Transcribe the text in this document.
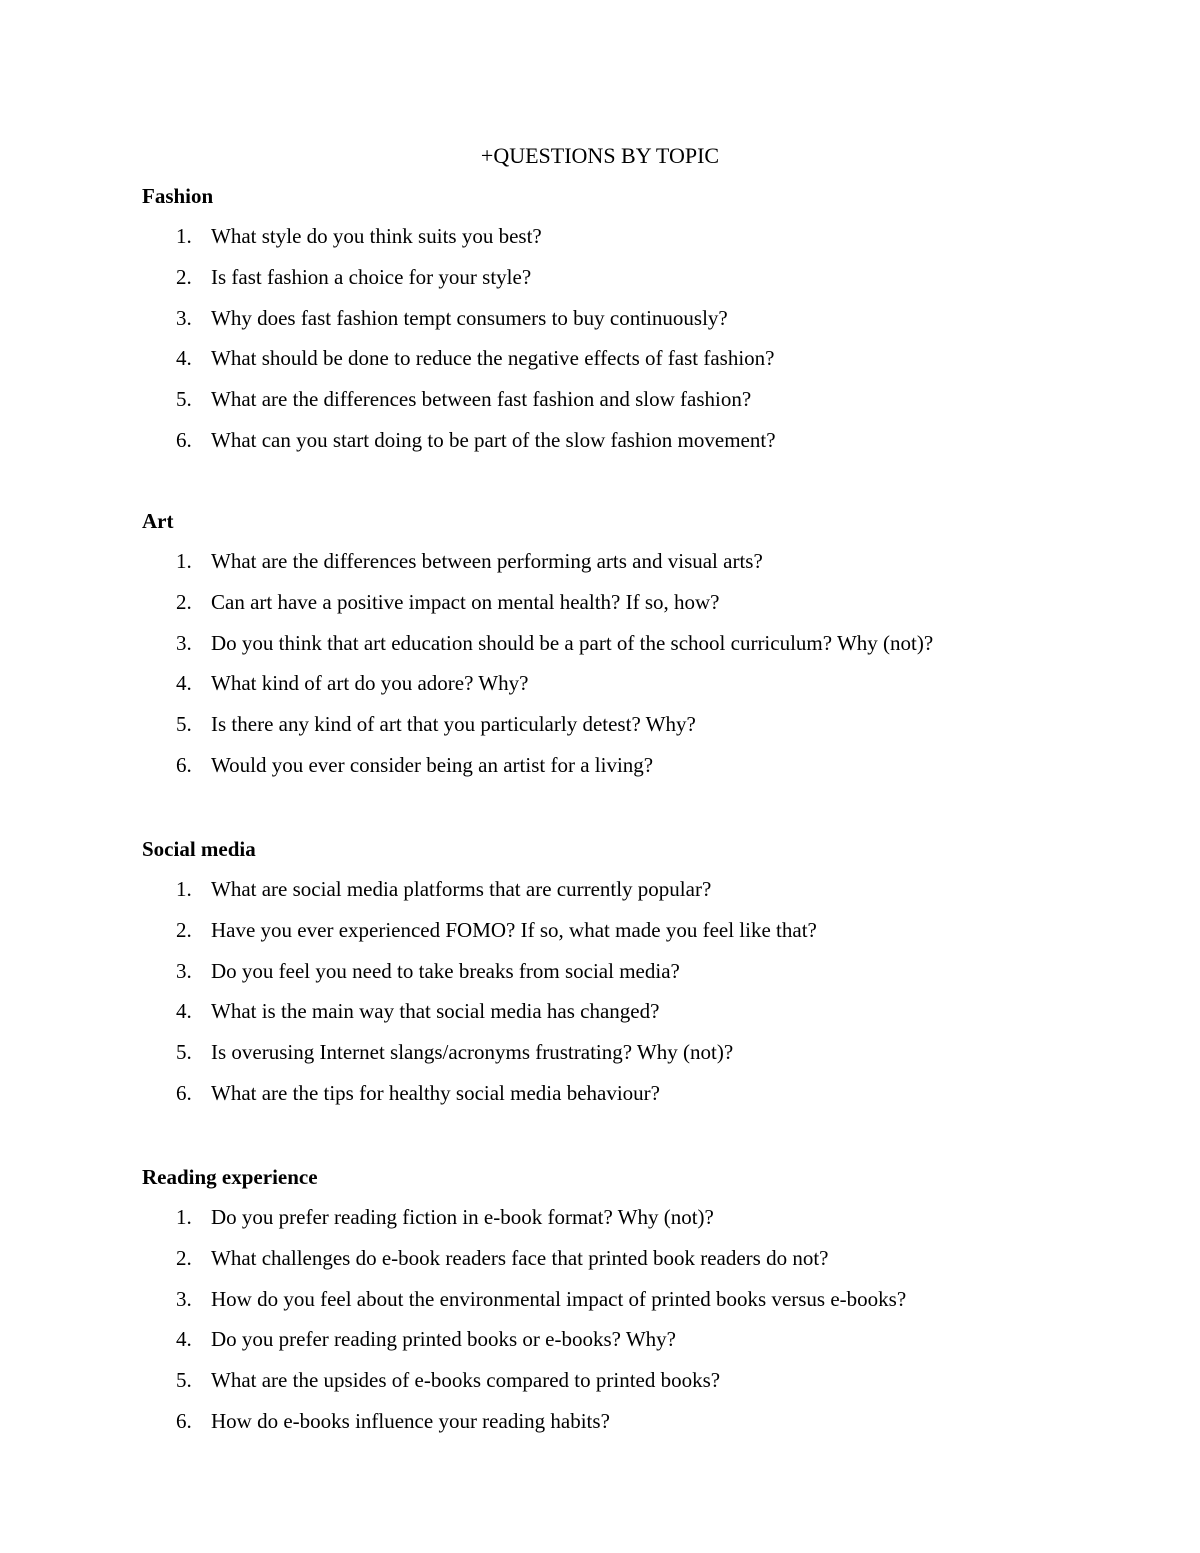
+QUESTIONS BY TOPIC
Fashion
1. What style do you think suits you best?
2. Is fast fashion a choice for your style?
3. Why does fast fashion tempt consumers to buy continuously?
4. What should be done to reduce the negative effects of fast fashion?
5. What are the differences between fast fashion and slow fashion?
6. What can you start doing to be part of the slow fashion movement?
Art
1. What are the differences between performing arts and visual arts?
2. Can art have a positive impact on mental health? If so, how?
3. Do you think that art education should be a part of the school curriculum? Why (not)?
4. What kind of art do you adore? Why?
5. Is there any kind of art that you particularly detest? Why?
6. Would you ever consider being an artist for a living?
Social media
1. What are social media platforms that are currently popular?
2. Have you ever experienced FOMO? If so, what made you feel like that?
3. Do you feel you need to take breaks from social media?
4. What is the main way that social media has changed?
5. Is overusing Internet slangs/acronyms frustrating? Why (not)?
6. What are the tips for healthy social media behaviour?
Reading experience
1. Do you prefer reading fiction in e-book format? Why (not)?
2. What challenges do e-book readers face that printed book readers do not?
3. How do you feel about the environmental impact of printed books versus e-books?
4. Do you prefer reading printed books or e-books? Why?
5. What are the upsides of e-books compared to printed books?
6. How do e-books influence your reading habits?
